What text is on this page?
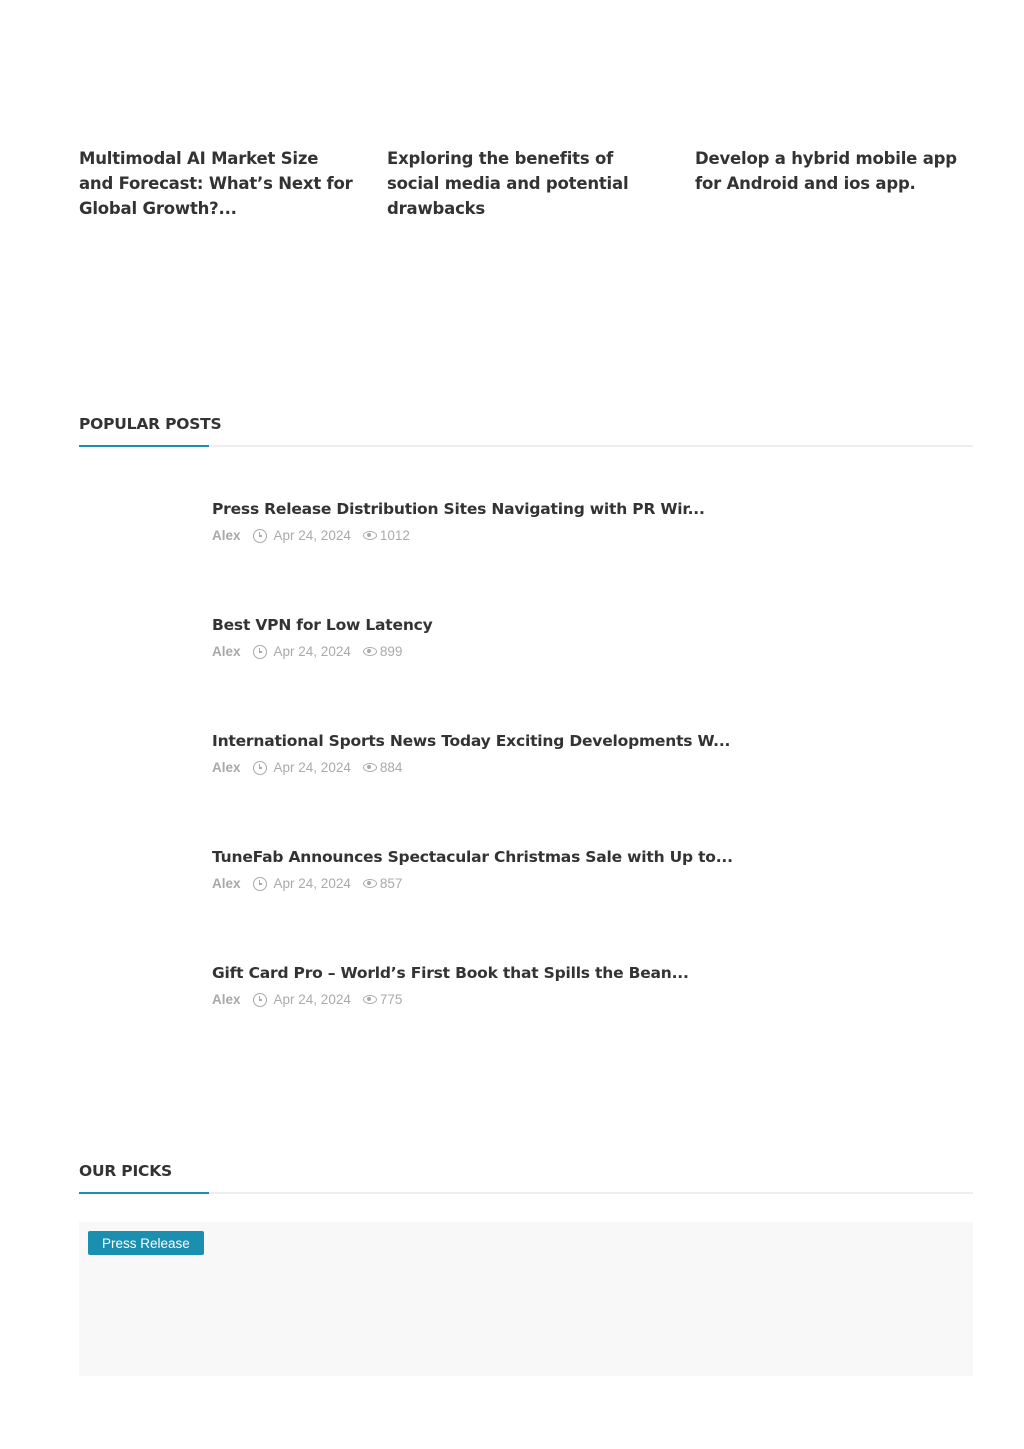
Multimodal AI Market Size and Forecast: What’s Next for Global Growth?...
Exploring the benefits of social media and potential drawbacks
Develop a hybrid mobile app for Android and ios app.
POPULAR POSTS
Press Release Distribution Sites Navigating with PR Wir...
Alex Apr 24, 2024 1012
Best VPN for Low Latency
Alex Apr 24, 2024 899
International Sports News Today Exciting Developments W...
Alex Apr 24, 2024 884
TuneFab Announces Spectacular Christmas Sale with Up to...
Alex Apr 24, 2024 857
Gift Card Pro – World’s First Book that Spills the Bean...
Alex Apr 24, 2024 775
OUR PICKS
Press Release
